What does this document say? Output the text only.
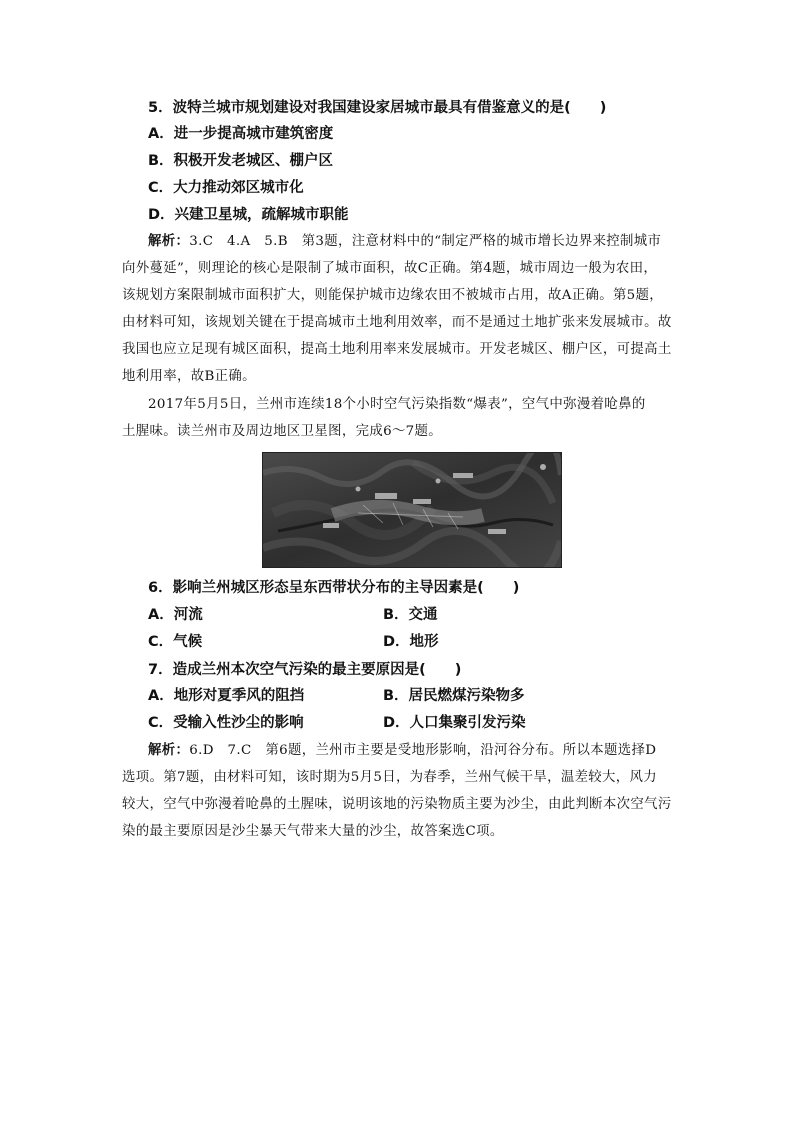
5．波特兰城市规划建设对我国建设家居城市最具有借鉴意义的是(　　)
A．进一步提高城市建筑密度
B．积极开发老城区、棚户区
C．大力推动郊区城市化
D．兴建卫星城，疏解城市职能
解析：3.C　4.A　5.B　第3题，注意材料中的“制定严格的城市增长边界来控制城市
向外蔓延”，则理论的核心是限制了城市面积，故C正确。第4题，城市周边一般为农田，
该规划方案限制城市面积扩大，则能保护城市边缘农田不被城市占用，故A正确。第5题，
由材料可知，该规划关键在于提高城市土地利用效率，而不是通过土地扩张来发展城市。故
我国也应立足现有城区面积，提高土地利用率来发展城市。开发老城区、棚户区，可提高土
地利用率，故B正确。
2017年5月5日，兰州市连续18个小时空气污染指数“爆表”，空气中弥漫着呛鼻的
土腥味。读兰州市及周边地区卫星图，完成6～7题。
6．影响兰州城区形态呈东西带状分布的主导因素是(　　)
A．河流	B．交通
C．气候	D．地形
7．造成兰州本次空气污染的最主要原因是(　　)
A．地形对夏季风的阻挡	B．居民燃煤污染物多
C．受输入性沙尘的影响	D．人口集聚引发污染
解析：6.D　7.C　第6题，兰州市主要是受地形影响，沿河谷分布。所以本题选择D
选项。第7题，由材料可知，该时期为5月5日，为春季，兰州气候干旱，温差较大，风力
较大，空气中弥漫着呛鼻的土腥味，说明该地的污染物质主要为沙尘，由此判断本次空气污
染的最主要原因是沙尘暴天气带来大量的沙尘，故答案选C项。
